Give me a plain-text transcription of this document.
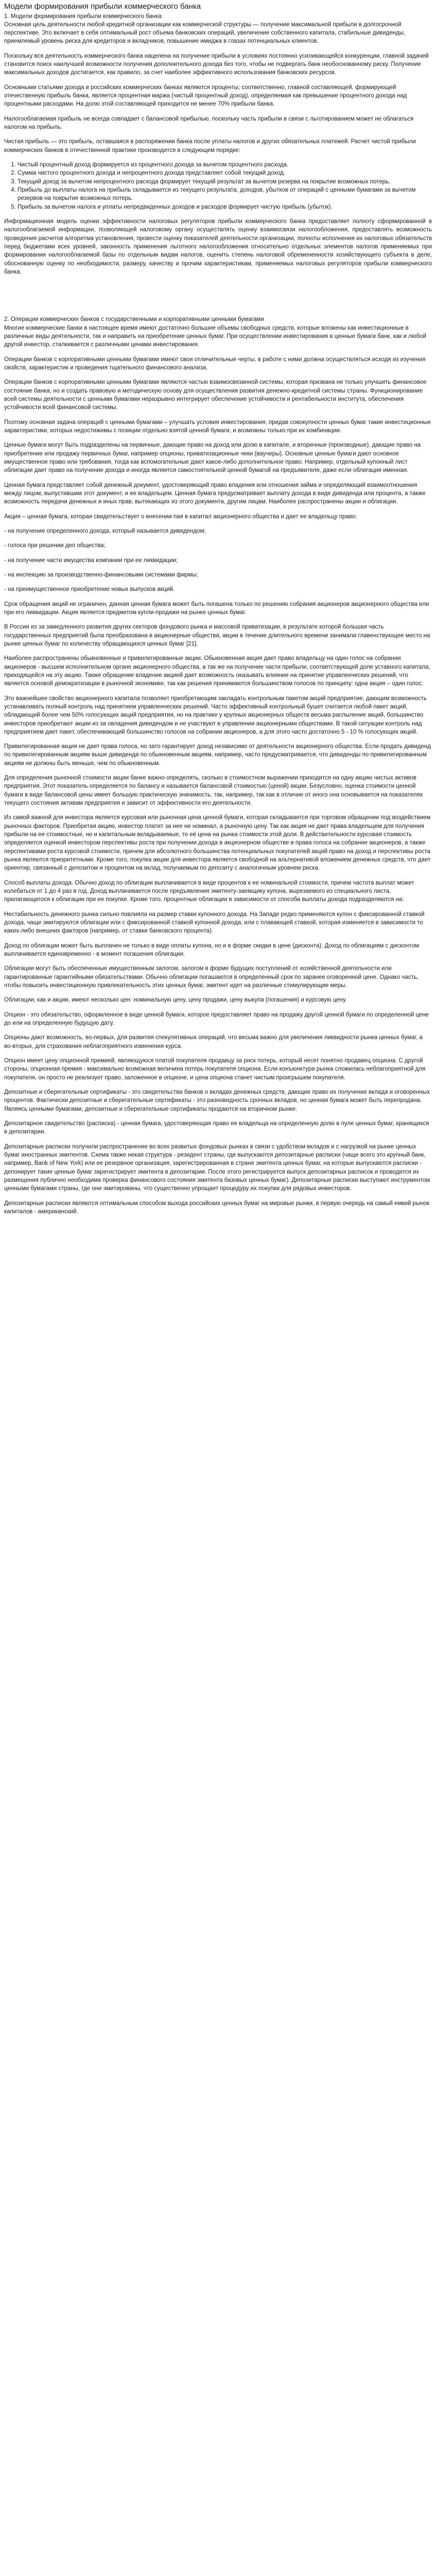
Модели формирования прибыли коммерческого банка

1. Модели формирования прибыли коммерческого банка

Основная цель деятельности любой кредитной организации как коммерческой структуры — получение максимальной прибыли в долгосрочной перспективе. Это включает в себя оптимальный рост объема банковских операций, увеличение собственного капитала, стабильные дивиденды, приемлемый уровень риска для кредиторов и вкладчиков, повышение имиджа в глазах потенциальных клиентов.

Поскольку вся деятельность коммерческого банка нацелена на получение прибыли в условиях постоянно усиливающейся конкуренции, главной задачей становится поиск наилучшей возможности получения дополнительного дохода без того, чтобы не подвергать банк необоснованному риску. Получение максимальных доходов достигается, как правило, за счет наиболее эффективного использования банковских ресурсов.

Основными статьями дохода в российских коммерческих банках являются проценты; соответственно, главной составляющей, формирующей отечественную прибыль банка, является процентная маржа (чистый процентный доход), определяемая как превышение процентного дохода над процентными расходами. На долю этой составляющей приходится не менее 70% прибыли банка.

Налогооблагаемая прибыль не всегда совпадает с балансовой прибылью, поскольку часть прибыли в связи с льготированием может не облагаться налогом на прибыль.

Чистая прибыль — это прибыль, оставшаяся в распоряжении банка после уплаты налогов и других обязательных платежей. Расчет чистой прибыли коммерческих банков в отечественной практике производится в следующем порядке:

1. Чистый процентный доход формируется из процентного дохода за вычетом процентного расхода.
2. Сумма чистого процентного дохода и непроцентного дохода представляет собой текущий доход.
3. Текущий доход за вычетом непроцентного расхода формирует текущий результат за вычетом резерва на покрытие возможных потерь.
4. Прибыль до выплаты налога на прибыль складывается из текущего результата, доходов, убытков от операций с ценными бумагами за вычетом резервов на покрытие возможных потерь.
5. Прибыль за вычетом налога и уплаты непредвиденных доходов и расходов формирует чистую прибыль (убыток).

Информационная модель оценки эффективности налоговых регуляторов прибыли коммерческого банка предоставляет полноту сформированной в налогооблагаемой информации, позволяющей налоговому органу осуществлять оценку взаимосвязи налогообложения, предоставлять возможность проведения расчетов алгоритма установления, провести оценку показателей деятельности организации, полноты исполнения их налоговых обязательств перед бюджетами всех уровней, законность применения льготного налогообложения относительно отдельных элементов налогов применяемых при формировании налогооблагаемой базы по отдельным видам налогов, оценить степень налоговой обремененности хозяйствующего субъекта в деле, обоснованную оценку по необходимости, размеру, качеству и прочим характеристикам, применяемых налоговых регуляторов прибыли коммерческого банка.

2. Операции коммерческих банков с государственными и корпоративными ценными бумагами

Многие коммерческие банки в настоящее время имеют достаточно большие объемы свободных средств, которые вложены как инвестиционные в различные виды деятельности, так и направить на приобретение ценных бумаг. При осуществлении инвестирования в ценные бумаги банк, как и любой другой инвестор, сталкивается с различными ценами инвестирования.

Операции банков с корпоративными ценными бумагами имеют свои отличительные черты, в работе с ними должна осуществляться исходя из изучения свойств, характеристик и проведения тщательного финансового анализа.

Операции банков с корпоративными ценными бумагами являются частью взаимосвязанной системы, которая призвана не только улучшить финансовое состояние банка, но и создать правовую и методическую основу для осуществления развития денежно-кредитной системы страны. Функционирование всей системы деятельности с ценными бумагами неразрывно интегрирует обеспечение устойчивости и рентабельности института, обеспечения устойчивости всей финансовой системы.

Поэтому основная задача операций с ценными бумагами – улучшать условия инвестирования, придав совокупности ценных бумаг такие инвестиционные характеристики, которых недостижимы с позиции отдельно взятой ценной бумаги, и возможны только при их комбинации.

Ценные бумаги могут быть подразделены на первичные, дающие право на доход или долю в капитале, и вторичные (производные), дающие право на приобретение или продажу первичных бумаг, например опционы, приватизационные чеки (ваучеры). Основные ценные бумаги дают основное имущественное право или требования, тогда как вспомогательные дают какое-либо дополнительное право. Например, отдельный купонный лист облигации дает право на получение дохода и иногда является самостоятельной ценной бумагой на предъявителя, даже если облигация именная.

Ценная бумага представляет собой денежный документ, удостоверяющий право владения или отношения займа и определяющий взаимоотношения между лицом, выпустившим этот документ, и ее владельцем. Ценная бумага предусматривает выплату дохода в виде дивиденда или процента, а также возможность передачи денежных и иных прав, вытекающих из этого документа, другим лицам. Наиболее распространены акции и облигации.

Акция – ценная бумага, которая свидетельствует о внесении пая в капитал акционерного общества и дает ее владельцу право:

- на получение определенного дохода, который называется дивидендом;

- голоса при решении дел общества;

- на получение части имущества компании при ее ликвидации;

- на инспекцию за производственно-финансовыми системами фирмы;

- на преимущественное приобретение новых выпусков акций.

Срок обращения акций не ограничен, данная ценная бумага может быть погашена только по решению собрания акционеров акционерного общества или при его ликвидации. Акция является предметом купли-продажи на рынке ценных бумаг.

В России из за замедленного развития других секторов фондового рынка и массовой приватизации, в результате которой большая часть государственных предприятий была преобразована в акционерные общества, акции в течение длительного времени занимали главенствующее место на рынке ценных бумаг по количеству обращающихся ценных бумаг [21].

Наиболее распространены обыкновенные и привилегированные акции. Обыкновенная акция дает право владельцу на один голос на собрании акционеров - высшем исполнительном органе акционерного общества, а так же на получение части прибыли, соответствующей доле уставного капитала, приходящейся на эту акцию. Также обращение владение акцией дает возможность оказывать влияние на принятие управленческих решений, что является основой демократизации в рыночной экономике, так как решения принимаются большинством голосов по принципу: одна акция – один голос.

Это важнейшее свойство акционерного капитала позволяет приобретающим закладать контрольным пакетом акций предприятие, дающим возможность устанавливать полный контроль над принятием управленческих решений. Часто эффективный контрольный бушет считается любой пакет акций, обладающий более чем 50% голосующих акций предприятия, но на практике у крупных акционерных обществ весьма распыление акций, большинство инвесторов приобретают акции из за овладения дивидендом и не участвуют в управлении акционерными обществами. В такой ситуации контроль над предприятием дает пакет, обеспечивающий большинство голосов на собрании акционеров, а для этого часто достаточно 5 - 10 % голосующих акций.

Привилегированная акция не дает права голоса, но зато гарантирует доход независимо от деятельности акционерного общества. Если продать дивиденд по привилегированным акциям выше дивиденда по обыкновенным акциям, например, часто предусматривается, что дивиденды по привилегированным акциям не должны быть меньше, чем по обыкновенным.

Для определения рыночной стоимости акции банке важно определять, сколько в стоимостном выражении приходится на одну акцию чистых активов предприятия. Этот показатель определяется по балансу и называется балансовой стоимостью (ценой) акции. Безусловно, оценка стоимости ценной бумаги в виде балансовой цены имеет большую практическую значимость, так, например, так как в отличие от иного она основывается на показателях текущего состояния активам предприятия и зависит от эффективности его деятельности.

Из самой важной для инвестора является курсовая или рыночная цена ценной бумаги, которая складывается при торговом обращении под воздействием рыночных факторов. Приобретая акцию, инвестор платит за нее не номинал, а рыночную цену. Так как акция не дает права владельцем для получения прибыли на ее стоимостные, но и капитальным вкладываемые, то её цена на рынка стоимости этой доли. В действительности курсовая стоимость определяется оценкой инвестором перспективы роста при получении дохода в акционерном обществе в права голоса на собрание акционеров, а также перспективами роста курсовой стоимости, причем для абсолютного большинства потенциальных покупателей акций право на доход и перспективы роста рынка являются приоритетными. Кроме того, покупка акции для инвестора является свободной на альтернативой вложением денежных средств, что дает ориентир, связанный с депозитом и процентом на вклад, получаемым по депозиту с аналогичным уровнем риска.

Способ выплаты дохода. Обычно доход по облигации выплачивается в виде процентов к ее номинальной стоимости, причем частота выплат может колебаться от 1 до 4 раз в год. Доход выплачивается после предъявления эмитенту-заемщику купона, вырезаемого из специального листа, прилагающегося к облигации при ее покупке. Кроме того, процентные облигации в зависимости от способа выплаты дохода подразделяются на:

Нестабильность денежного рынка сильно повлияла на размер ставки купонного дохода. На Западе редко применяются купон с фиксированной ставкой дохода, чаще эмитируются облигации или с фиксированной ставкой купонной дохода, или с плавающей ставкой, которая изменяется в зависимости то каких-либо внешних факторов (например, от ставки банковского процента).

Доход по облигации может быть выплачен не только в виде оплаты купона, но и в форме скидки в цене (дисконта). Доход по облигациям с дисконтом выплачивается единовременно - в момент погашения облигации.

Облигации могут быть обеспеченные имущественным залогом, залогом в форме будущих поступлений от хозяйственной деятельности или гарантированные гарантийными обязательствами. Обычно облигации погашаются в определенный срок по заранее оговоренной цене. Однако часть, чтобы повысить инвестиционную привлекательность этих ценных бумаг, эмитент идет на различные стимулирующие меры.

Облигации, как и акции, имеют несколько цен: номинальную цену, цену продажи, цену выкупа (погашения) и курсовую цену.

Опцион - это обязательство, оформленное в виде ценной бумаги, которое предоставляет право на продажу другой ценной бумаги по определенной цене до или на определенную будущую дату.

Опционы дают возможность, во-первых, для развития спекулятивных операций, что весьма важно для увеличения ликвидности рынка ценных бумаг, а во-вторых, для страхования неблагоприятного изменения курса.

Опцион имеет цену опционной премией, являющуюся платой покупателя продавцу за риск потерь, который несет понятно продавец опциона. С другой стороны, опционная премия - максимально возможная величина потерь покупателя опциона. Если конъюнктура рынка сложилась неблагоприятной для покупателя, он просто не реализует право, заложенное в опционе, и цена опциона станет чистым проигрышем покупателя.

Депозитные и сберегательные сертификаты - это свидетельства банков о вкладах денежных средств, дающие право их получение вклада и оговоренных процентов. Фактически депозитные и сберегательные сертификаты - это разновидность срочных вкладов, но ценная бумага может быть перепродана. Являясь ценными бумагами, депозитные и сберегательные сертификаты продаются на вторичном рынке.

Депозитарное свидетельство (расписка) - ценная бумага, удостоверяющая право ее владельца на определенную долю в пуле ценных бумаг, хранящихся в депозитарии.

Депозитарные расписки получили распространение во всех развитых фондовых рынках в связи с удобством вкладов и с нагрузкой на рынке ценных бумаг иностранных эмитентов. Схема также некая структура - резидент страны, где выпускаются депозитарные расписки (чаще всего это крупный банк, например, Bank of New York) или ее резервное организация, зарегистрированная в стране эмитента ценных бумаг, на которые выпускаются расписки - депонирует такие ценные бумаг зарегистрирует эмитента в депозитарии. После этого регистрируется выпуск депозитарных расписок и проводится их размещения публично необходима проверка финансового состояния эмитента базовых ценных бумаг). Депозитарные расписки выступают инструментом ценными бумагами страны, где они эмитированы, что существенно упрощает процедуру их покупки для рядовых инвесторов.

Депозитарные расписки являются оптимальным способом выхода российских ценных бумаг на мировые рынки, в первую очередь на самый емкий рынок капиталов - американский.
